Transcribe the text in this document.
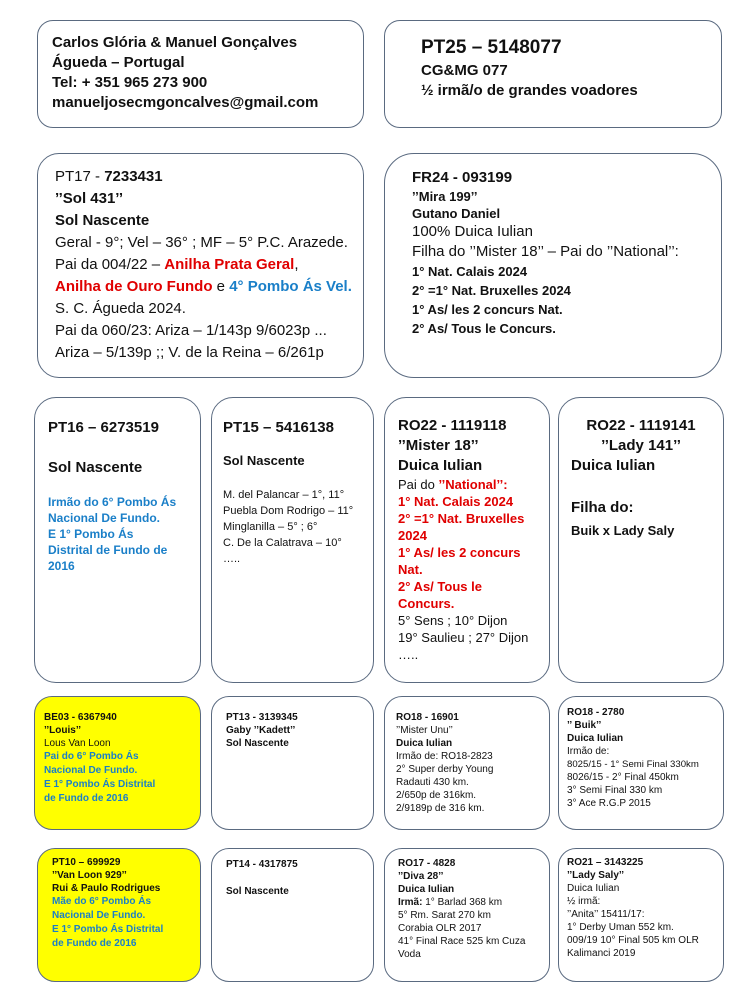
Carlos Glória & Manuel Gonçalves
Águeda – Portugal
Tel: + 351 965 273 900
manueljosecmgoncalves@gmail.com
PT25 – 5148077
CG&MG 077
½ irmã/o de grandes voadores
PT17 - 7233431
’’Sol 431’’
Sol Nascente
Geral - 9°; Vel – 36° ; MF – 5° P.C. Arazede.
Pai da 004/22 – Anilha Prata Geral,
Anilha de Ouro Fundo e 4° Pombo Ás Vel.
S. C. Águeda 2024.
Pai da 060/23: Ariza – 1/143p 9/6023p ...
Ariza – 5/139p ;; V. de la Reina – 6/261p
FR24 - 093199
’’Mira 199’’
Gutano Daniel
100% Duica Iulian
Filha do ’’Mister 18’’ – Pai do ’’National’’:
1° Nat. Calais 2024
2° =1° Nat. Bruxelles 2024
1° As/ les 2 concurs Nat.
2° As/ Tous le Concurs.
PT16 – 6273519
Sol Nascente
Irmão do 6° Pombo Ás
Nacional De Fundo.
E 1° Pombo Ás
Distrital de Fundo de
2016
PT15 – 5416138
Sol Nascente
M. del Palancar – 1°, 11°
Puebla Dom Rodrigo – 11°
Minglanilla – 5° ; 6°
C. De la Calatrava – 10°
…..
RO22 - 1119118
’’Mister 18’’
Duica Iulian
Pai do ’’National’’:
1° Nat. Calais 2024
2° =1° Nat. Bruxelles
2024
1° As/ les 2 concurs
Nat.
2° As/ Tous le
Concurs.
5° Sens ; 10° Dijon
19° Saulieu ; 27° Dijon
…..
RO22 - 1119141
’’Lady 141’’
Duica Iulian
Filha do:
Buik x Lady Saly
BE03 - 6367940
’’Louis’’
Lous Van Loon
Pai do 6° Pombo Ás
Nacional De Fundo.
E 1° Pombo Ás Distrital
de Fundo de 2016
PT13 - 3139345
Gaby ’’Kadett’’
Sol Nascente
RO18 - 16901
’’Mister Unu’’
Duica Iulian
Irmão de: RO18-2823
2° Super derby Young
Radauti 430 km.
2/650p de 316km.
2/9189p de 316 km.
RO18 - 2780
’’ Buik’’
Duica Iulian
Irmão de:
8025/15 - 1° Semi Final 330km
8026/15 - 2° Final 450km
3° Semi Final 330 km
3° Ace R.G.P 2015
PT10 – 699929
’’Van Loon 929’’
Rui & Paulo Rodrigues
Mãe do 6° Pombo Ás
Nacional De Fundo.
E 1° Pombo Ás Distrital
de Fundo de 2016
PT14 - 4317875
Sol Nascente
RO17 - 4828
’’Diva 28’’
Duica Iulian
Irmã: 1° Barlad 368 km
5° Rm. Sarat 270 km
Corabia OLR 2017
41° Final Race 525 km Cuza
Voda
RO21 – 3143225
’’Lady Saly’’
Duica Iulian
½ irmã:
’’Anita’’ 15411/17:
1° Derby Uman 552 km.
009/19 10° Final 505 km OLR
Kalimanci 2019
